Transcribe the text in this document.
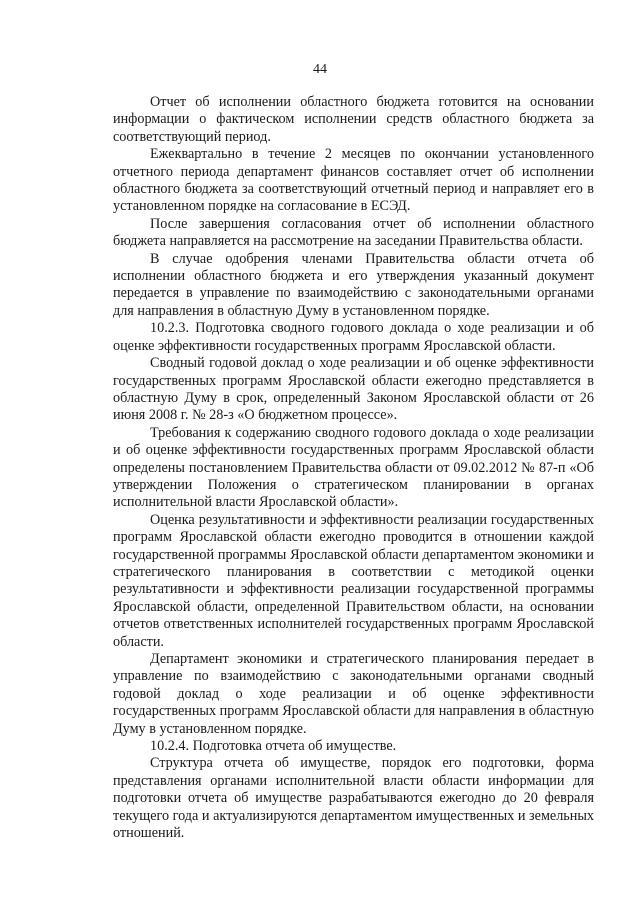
44

Отчет об исполнении областного бюджета готовится на основании информации о фактическом исполнении средств областного бюджета за соответствующий период.

Ежеквартально в течение 2 месяцев по окончании установленного отчетного периода департамент финансов составляет отчет об исполнении областного бюджета за соответствующий отчетный период и направляет его в установленном порядке на согласование в ЕСЭД.

После завершения согласования отчет об исполнении областного бюджета направляется на рассмотрение на заседании Правительства области.

В случае одобрения членами Правительства области отчета об исполнении областного бюджета и его утверждения указанный документ передается в управление по взаимодействию с законодательными органами для направления в областную Думу в установленном порядке.

10.2.3. Подготовка сводного годового доклада о ходе реализации и об оценке эффективности государственных программ Ярославской области.

Сводный годовой доклад о ходе реализации и об оценке эффективности государственных программ Ярославской области ежегодно представляется в областную Думу в срок, определенный Законом Ярославской области от 26 июня 2008 г. № 28-з «О бюджетном процессе».

Требования к содержанию сводного годового доклада о ходе реализации и об оценке эффективности государственных программ Ярославской области определены постановлением Правительства области от 09.02.2012 № 87-п «Об утверждении Положения о стратегическом планировании в органах исполнительной власти Ярославской области».

Оценка результативности и эффективности реализации государственных программ Ярославской области ежегодно проводится в отношении каждой государственной программы Ярославской области департаментом экономики и стратегического планирования в соответствии с методикой оценки результативности и эффективности реализации государственной программы Ярославской области, определенной Правительством области, на основании отчетов ответственных исполнителей государственных программ Ярославской области.

Департамент экономики и стратегического планирования передает в управление по взаимодействию с законодательными органами сводный годовой доклад о ходе реализации и об оценке эффективности государственных программ Ярославской области для направления в областную Думу в установленном порядке.

10.2.4. Подготовка отчета об имуществе.

Структура отчета об имуществе, порядок его подготовки, форма представления органами исполнительной власти области информации для подготовки отчета об имуществе разрабатываются ежегодно до 20 февраля текущего года и актуализируются департаментом имущественных и земельных отношений.
